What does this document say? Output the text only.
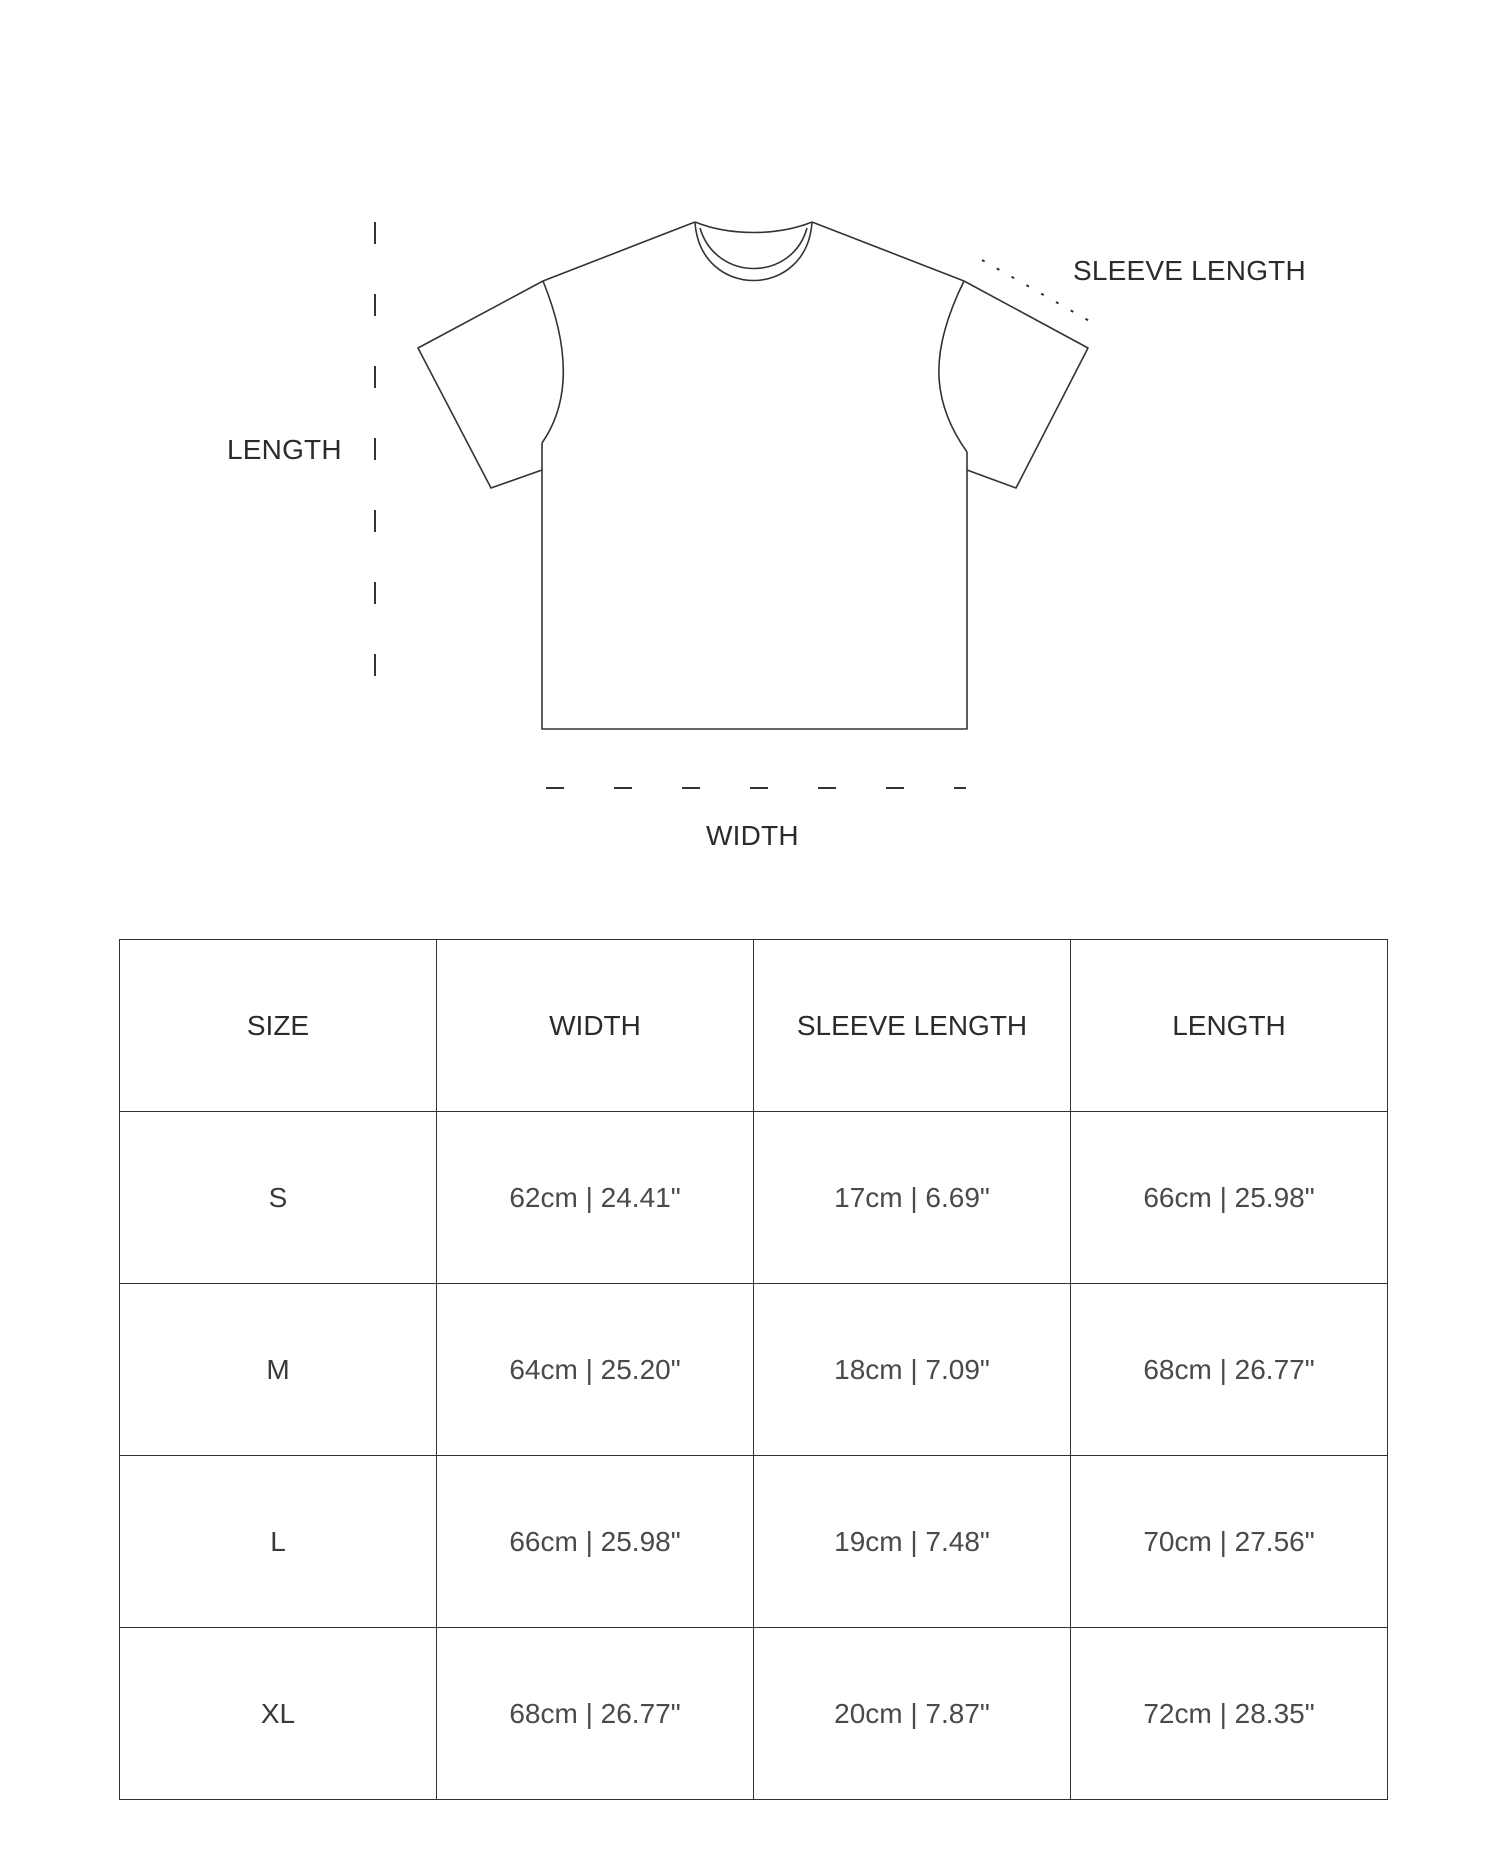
SLEEVE LENGTH
LENGTH
WIDTH
SIZE	WIDTH	SLEEVE LENGTH	LENGTH
S	62cm | 24.41"	17cm | 6.69"	66cm | 25.98"
M	64cm | 25.20"	18cm | 7.09"	68cm | 26.77"
L	66cm | 25.98"	19cm | 7.48"	70cm | 27.56"
XL	68cm | 26.77"	20cm | 7.87"	72cm | 28.35"
